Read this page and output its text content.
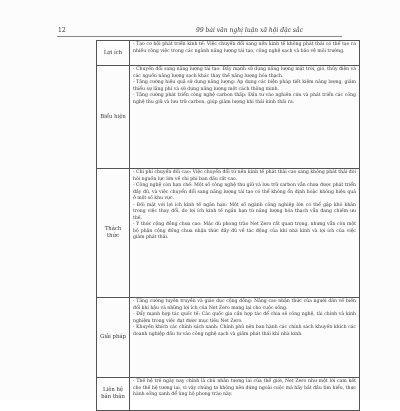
12	99 bài văn nghị luận xã hội đặc sắc
Lợi ích	- Tạo cơ hội phát triển kinh tế: Việc chuyển đổi sang nền kinh tế không phát thải có thể tạo ra nhiều công việc trong các ngành năng lượng tái tạo, công nghệ sạch và bảo vệ môi trường.
Biểu hiện	- Chuyển đổi sang năng lượng tái tạo: Đẩy mạnh sử dụng năng lượng mặt trời, gió, thủy điện và các nguồn năng lượng sạch khác thay thế năng lượng hóa thạch.
- Tăng cường hiệu quả sử dụng năng lượng: Áp dụng các biện pháp tiết kiệm năng lượng, giảm thiểu sự lãng phí và sử dụng năng lượng một cách thông minh.
- Tăng cường phát triển công nghệ carbon thấp: Đầu tư vào nghiên cứu và phát triển các công nghệ thu giữ và lưu trữ carbon, giúp giảm lượng khí thải kính thải ra.
Thách thức	- Chi phí chuyển đổi cao: Việc chuyển đổi từ nền kinh tế phát thải cao sang không phát thải đòi hỏi nguồn lực lớn về chi phí ban đầu rất cao.
- Công nghệ còn hạn chế: Một số công nghệ thu giữ và lưu trữ carbon vẫn chưa được phát triển đầy đủ, và việc chuyển đổi sang năng lượng tái tạo có thể không ổn định hoặc không hiệu quả ở một số khu vực.
- Đối mặt với lợi ích kinh tế ngắn hạn: Một số ngành công nghiệp lớn có thể gặp khó khăn trong việc thay đổi, do lợi ích kinh tế ngắn hạn từ năng lượng hóa thạch vẫn đang chiếm ưu thế.
- Ý thức cộng đồng chưa cao: Mặc dù phong trào Net Zero rất quan trọng, nhưng vẫn còn một bộ phận cộng đồng chưa nhận thức đầy đủ về tác động của khí nhà kính và lợi ích của việc giảm phát thải.
Giải pháp	- Tăng cường tuyên truyền và giáo dục cộng đồng: Nâng cao nhận thức của người dân về biến đổi khí hậu và những lợi ích của Net Zero mang lại cho cuộc sống.
- Đẩy mạnh hợp tác quốc tế: Các quốc gia cần hợp tác để chia sẻ công nghệ, tài chính và kinh nghiệm trong việc đạt được mục tiêu Net Zero.
- Khuyến khích các chính sách xanh: Chính phủ nên ban hành các chính sách khuyến khích các doanh nghiệp đầu tư vào công nghệ sạch và giảm phát thải khí nhà kính.
Liên hệ bản thân	- Thế hệ trẻ ngày nay chính là chủ nhân tương lai của thế giới, Net Zero như một lời cam kết cho thế hệ tương lai, vì vậy chúng ta không nên đứng ngoài cuộc mà hãy bắt đầu tìm hiểu, thực hành sống xanh để ủng hộ phong trào này.
